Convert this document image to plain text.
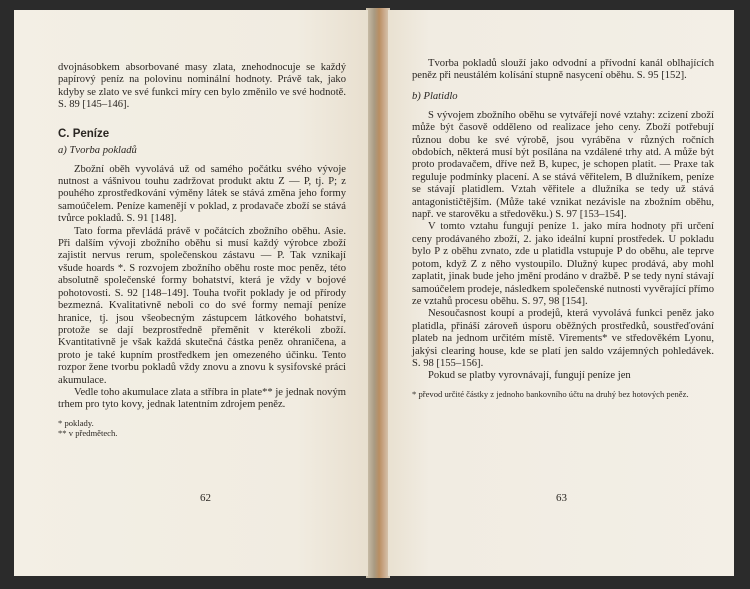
dvojnásobkem absorbované masy zlata, znehodnocuje se každý papírový peníz na polovinu nominální hodnoty. Právě tak, jako kdyby se zlato ve své funkci míry cen bylo změnilo ve své hodnotě. S. 89 [145–146].

C. Peníze
a) Tvorba pokladů

Zbožní oběh vyvolává už od samého počátku svého vývoje nutnost a vášnivou touhu zadržovat produkt aktu Z — P, tj. P; z pouhého zprostředkování výměny látek se stává změna jeho formy samoúčelem. Peníze kamenějí v poklad, z prodavače zboží se stává tvůrce pokladů. S. 91 [148].

Tato forma převládá právě v počátcích zbožního oběhu. Asie. Při dalším vývoji zbožního oběhu si musí každý výrobce zboží zajistit nervus rerum, společenskou zástavu — P. Tak vznikají všude hoards *. S rozvojem zbožního oběhu roste moc peněz, této absolutně společenské formy bohatství, která je vždy v bojové pohotovosti. S. 92 [148–149]. Touha tvořit poklady je od přírody bezmezná. Kvalitativně neboli co do své formy nemají peníze hranice, tj. jsou všeobecným zástupcem látkového bohatství, protože se dají bezprostředně přeměnit v kterékoli zboží. Kvantitativně je však každá skutečná částka peněz ohraničena, a proto je také kupním prostředkem jen omezeného účinku. Tento rozpor žene tvorbu pokladů vždy znovu a znovu k sysifovské práci akumulace.

Vedle toho akumulace zlata a stříbra in plate** je jednak novým trhem pro tyto kovy, jednak latentním zdrojem peněz.

* poklady.
** v předmětech.
62

Tvorba pokladů slouží jako odvodní a přívodní kanál oblhajících peněz při neustálém kolísání stupně nasycení oběhu. S. 95 [152].

b) Platidlo

S vývojem zbožního oběhu se vytvářejí nové vztahy: zcizení zboží může být časově odděleno od realizace jeho ceny. Zboží potřebují různou dobu ke své výrobě, jsou vyráběna v různých ročních obdobích, některá musí být posílána na vzdálené trhy atd. A může být proto prodavačem, dříve než B, kupec, je schopen platit. — Praxe tak reguluje podmínky placení. A se stává věřitelem, B dlužníkem, peníze se stávají platidlem. Vztah věřitele a dlužníka se tedy už stává antagonističtějším. (Může také vznikat nezávisle na zbožním oběhu, např. ve starověku a středověku.) S. 97 [153–154].

V tomto vztahu fungují peníze 1. jako míra hodnoty při určení ceny prodávaného zboží, 2. jako ideální kupní prostředek. U pokladu bylo P z oběhu zvnato, zde u platidla vstupuje P do oběhu, ale teprve potom, když Z z něho vystoupilo. Dlužný kupec prodává, aby mohl zaplatit, jinak bude jeho jmění prodáno v dražbě. P se tedy nyní stávají samoúčelem prodeje, následkem společenské nutnosti vyvěrající přímo ze vztahů procesu oběhu. S. 97, 98 [154].

Nesoučasnost koupí a prodejů, která vyvolává funkci peněz jako platidla, přináší zároveň úsporu oběžných prostředků, soustřeďování plateb na jednom určitém místě. Virements* ve středověkém Lyonu, jakýsi clearing house, kde se platí jen saldo vzájemných pohledávek. S. 98 [155–156].

Pokud se platby vyrovnávají, fungují peníze jen

* převod určité částky z jednoho bankovního účtu na druhý bez hotových peněz.
63
